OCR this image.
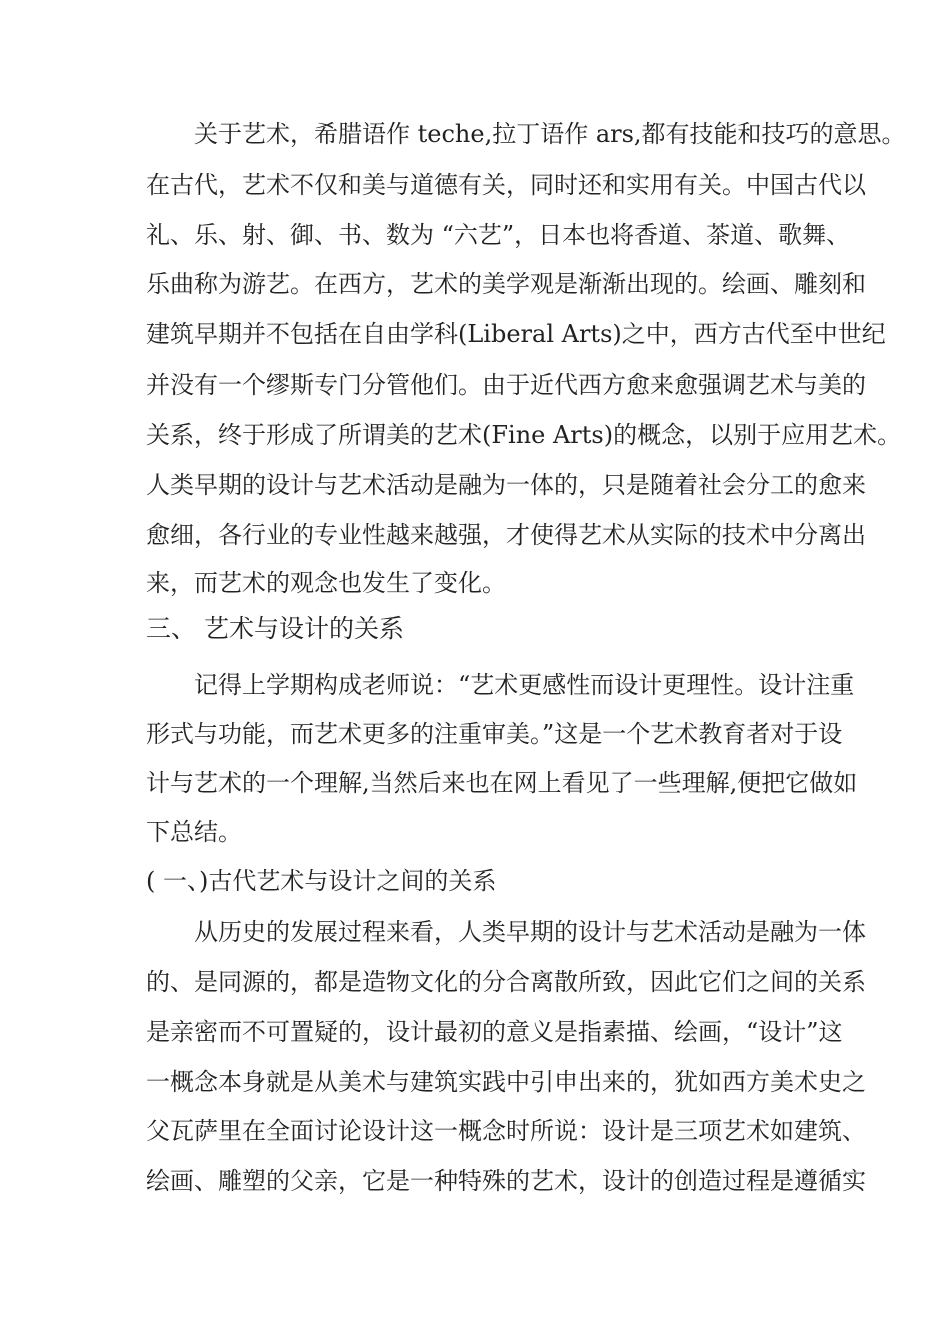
关于艺术，希腊语作 teche,拉丁语作 ars,都有技能和技巧的意思。
在古代，艺术不仅和美与道德有关，同时还和实用有关。中国古代以
礼、乐、射、御、书、数为 “六艺”，日本也将香道、茶道、歌舞、
乐曲称为游艺。在西方，艺术的美学观是渐渐出现的。绘画、雕刻和
建筑早期并不包括在自由学科(Liberal Arts)之中，西方古代至中世纪
并没有一个缪斯专门分管他们。由于近代西方愈来愈强调艺术与美的
关系，终于形成了所谓美的艺术(Fine Arts)的概念，以别于应用艺术。
人类早期的设计与艺术活动是融为一体的，只是随着社会分工的愈来
愈细，各行业的专业性越来越强，才使得艺术从实际的技术中分离出
来，而艺术的观念也发生了变化。
三、 艺术与设计的关系
记得上学期构成老师说：“艺术更感性而设计更理性。设计注重
形式与功能，而艺术更多的注重审美。”这是一个艺术教育者对于设
计与艺术的一个理解,当然后来也在网上看见了一些理解,便把它做如
下总结。
( 一、)古代艺术与设计之间的关系
从历史的发展过程来看，人类早期的设计与艺术活动是融为一体
的、是同源的，都是造物文化的分合离散所致，因此它们之间的关系
是亲密而不可置疑的，设计最初的意义是指素描、绘画，“设计”这
一概念本身就是从美术与建筑实践中引申出来的，犹如西方美术史之
父瓦萨里在全面讨论设计这一概念时所说：设计是三项艺术如建筑、
绘画、雕塑的父亲，它是一种特殊的艺术，设计的创造过程是遵循实
